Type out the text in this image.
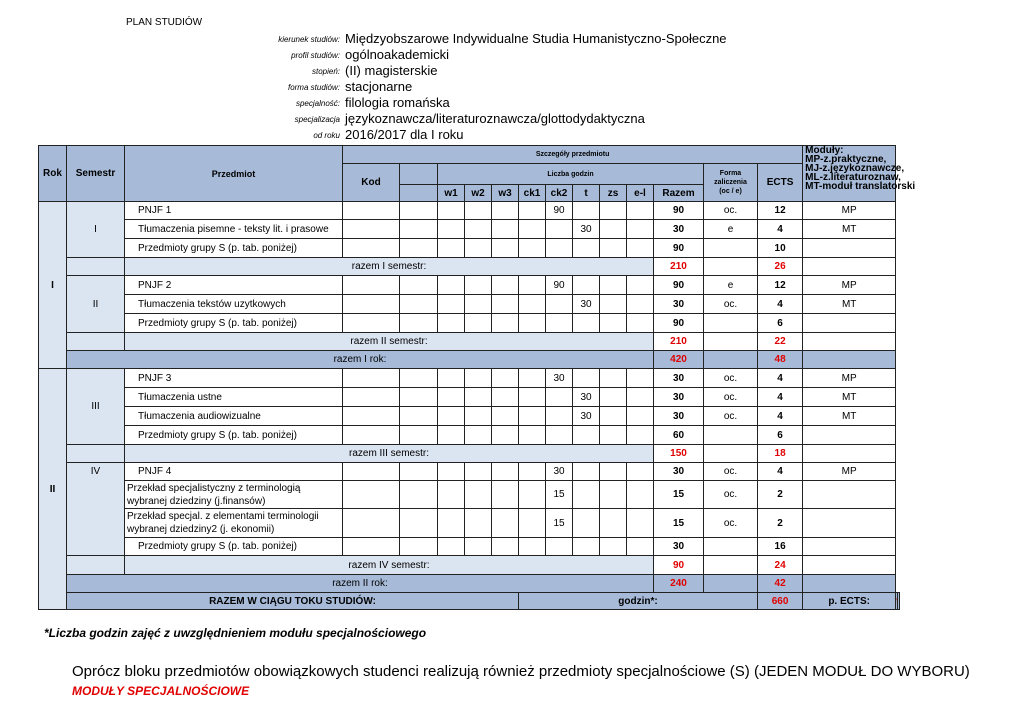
PLAN STUDIÓW
kierunek studiów: Międzyobszarowe Indywidualne Studia Humanistyczno-Społeczne
profil studiów: ogólnoakademicki
stopień: (II) magisterskie
forma studiów: stacjonarne
specjalność: filologia romańska
specjalizacja językoznawcza/literaturoznawcza/glottodydaktyczna
od roku 2016/2017 dla I roku
Rok	Semestr	Przedmiot	Szczegóły przedmiotu													Moduły:
MP-z.praktyczne,
MJ-z.językoznawcze,
ML-z.literaturoznaw,
MT-moduł translatorski		

			Kod		Liczba godzin									Forma zaliczenia
(oc / e)	ECTS			
					w1	w2	w3	ck1	ck2	t	zs	e-l	Razem					
I	I	PNJF 1							90				90	oc.	12	MP		
		Tłumaczenia pisemne - teksty lit. i prasowe								30			30	e	4	MT		
		Przedmioty grupy S (p. tab. poniżej)											90		10			
		razem I semestr:											210		26			
	II	PNJF 2							90				90	e	12	MP		
		Tłumaczenia tekstów uzytkowych								30			30	oc.	4	MT		
		Przedmioty grupy S (p. tab. poniżej)											90		6			
		razem II semestr:											210		22			
	razem I rok:												420		48			
II	III	PNJF 3							30				30	oc.	4	MP		
		Tłumaczenia ustne								30			30	oc.	4	MT		
		Tłumaczenia audiowizualne								30			30	oc.	4	MT		
		Przedmioty grupy S (p. tab. poniżej)											60		6			
		razem III semestr:											150		18			
	IV	PNJF 4							30				30	oc.	4	MP		
		Przekład specjalistyczny z terminologią wybranej dziedziny (j.finansów)							15				15	oc.	2			
		Przekład specjal. z elementami terminologii wybranej dziedziny2 (j. ekonomii)							15				15	oc.	2			
		Przedmioty grupy S (p. tab. poniżej)											30		16			
		razem IV semestr:											90		24			
	razem II rok:												240		42			
	RAZEM W CIĄGU TOKU STUDIÓW:							godzin*:							660	p. ECTS:		
*Liczba godzin zajęć z uwzględnieniem modułu specjalnościowego
Oprócz bloku przedmiotów obowiązkowych studenci realizują również przedmioty specjalnościowe (S) (JEDEN MODUŁ DO WYBORU)
MODUŁY SPECJALNOŚCIOWE
